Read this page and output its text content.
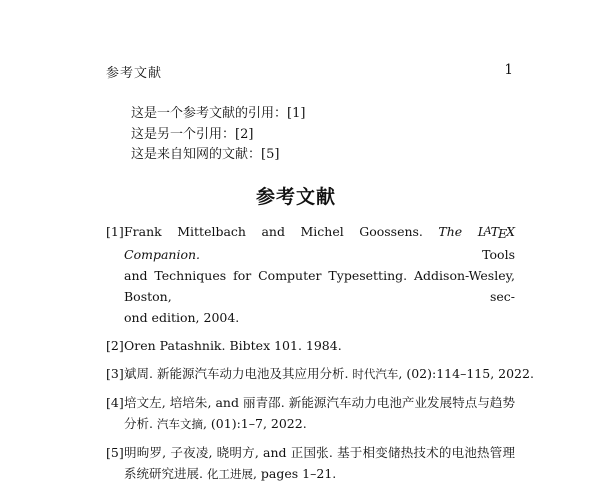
参考文献	1
这是一个参考文献的引用：[1]
这是另一个引用：[2]
这是来自知网的文献：[5]
参考文献
[1] Frank Mittelbach and Michel Goossens. The LATEX Companion.	Tools
and Techniques for Computer Typesetting. Addison-Wesley, Boston, sec-
ond edition, 2004.
[2] Oren Patashnik. Bibtex 101. 1984.
[3] 斌周. 新能源汽车动力电池及其应用分析. 时代汽车, (02):114–115, 2022.
[4] 培文左, 培培朱, and 丽青邵. 新能源汽车动力电池产业发展特点与趋势
分析. 汽车文摘, (01):1–7, 2022.
[5] 明昫罗, 子夜凌, 晓明方, and 正国张. 基于相变储热技术的电池热管理
系统研究进展. 化工进展, pages 1–21.
